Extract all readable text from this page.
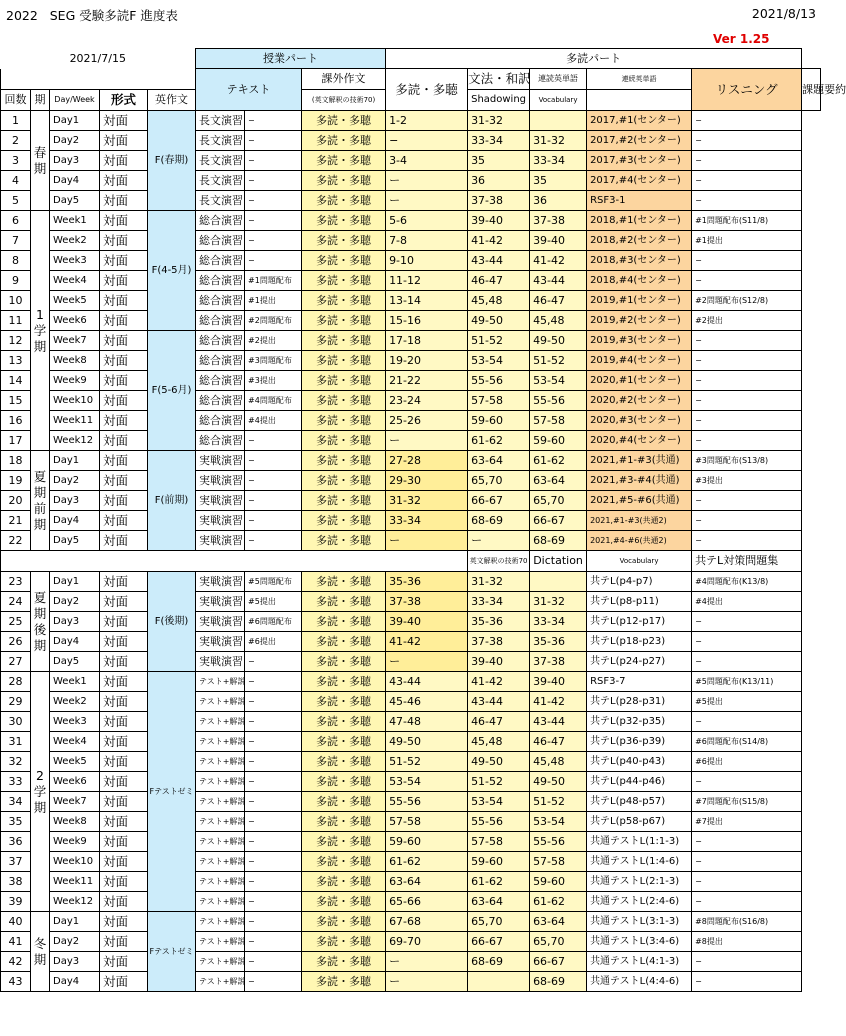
2022 SEG 受験多読F 進度表	2021/8/13
Ver 1.25
2021/7/15					授業パート			多読パート					
					テキスト		課外作文	多読・多聴	文法・和訳	連読英単語	連続英単語	リスニング	課題要約
回数	期	Day/Week	形式	英作文			(英文解釈の技術70)		Shadowing	Vocabulary			
1	春期	Day1	対面	F(春期)	長文演習	−	多読・多聴	1-2	31-32		2017,#1(センター)	−	
2		Day2	対面		長文演習	−	多読・多聴	−	33-34	31-32	2017,#2(センター)	−	
3		Day3	対面		長文演習	−	多読・多聴	3-4	35	33-34	2017,#3(センター)	−	
4		Day4	対面		長文演習	−	多読・多聴	ー	36	35	2017,#4(センター)	−	
5		Day5	対面		長文演習	−	多読・多聴	ー	37-38	36	RSF3-1	−	
6	1学期	Week1	対面	F(4-5月)	総合演習	−	多読・多聴	5-6	39-40	37-38	2018,#1(センター)	#1問題配布(S11/8)	
7		Week2	対面		総合演習	−	多読・多聴	7-8	41-42	39-40	2018,#2(センター)	#1提出	
8		Week3	対面		総合演習	−	多読・多聴	9-10	43-44	41-42	2018,#3(センター)	−	
9		Week4	対面		総合演習	#1問題配布	多読・多聴	11-12	46-47	43-44	2018,#4(センター)	−	
10		Week5	対面		総合演習	#1提出	多読・多聴	13-14	45,48	46-47	2019,#1(センター)	#2問題配布(S12/8)	
11		Week6	対面		総合演習	#2問題配布	多読・多聴	15-16	49-50	45,48	2019,#2(センター)	#2提出	
12		Week7	対面	F(5-6月)	総合演習	#2提出	多読・多聴	17-18	51-52	49-50	2019,#3(センター)	−	
13		Week8	対面		総合演習	#3問題配布	多読・多聴	19-20	53-54	51-52	2019,#4(センター)	−	
14		Week9	対面		総合演習	#3提出	多読・多聴	21-22	55-56	53-54	2020,#1(センター)	−	
15		Week10	対面		総合演習	#4問題配布	多読・多聴	23-24	57-58	55-56	2020,#2(センター)	−	
16		Week11	対面		総合演習	#4提出	多読・多聴	25-26	59-60	57-58	2020,#3(センター)	−	
17		Week12	対面		総合演習	−	多読・多聴	ー	61-62	59-60	2020,#4(センター)	−	
18	夏期前期	Day1	対面	F(前期)	実戦演習	−	多読・多聴	27-28	63-64	61-62	2021,#1-#3(共通)	#3問題配布(S13/8)	
19		Day2	対面		実戦演習	−	多読・多聴	29-30	65,70	63-64	2021,#3-#4(共通)	#3提出	
20		Day3	対面		実戦演習	−	多読・多聴	31-32	66-67	65,70	2021,#5-#6(共通)	−	
21		Day4	対面		実戦演習	−	多読・多聴	33-34	68-69	66-67	2021,#1-#3(共通2)	−	
22		Day5	対面		実戦演習	−	多読・多聴	ー	ー	68-69	2021,#4-#6(共通2)	−	
									英文解釈の技術70	Dictation	Vocabulary	共テL対策問題集	
23	夏期後期	Day1	対面	F(後期)	実戦演習	#5問題配布	多読・多聴	35-36	31-32		共テL(p4-p7)	#4問題配布(K13/8)	
24		Day2	対面		実戦演習	#5提出	多読・多聴	37-38	33-34	31-32	共テL(p8-p11)	#4提出	
25		Day3	対面		実戦演習	#6問題配布	多読・多聴	39-40	35-36	33-34	共テL(p12-p17)	−	
26		Day4	対面		実戦演習	#6提出	多読・多聴	41-42	37-38	35-36	共テL(p18-p23)	−	
27		Day5	対面		実戦演習	−	多読・多聴	ー	39-40	37-38	共テL(p24-p27)	−	
28	2学期	Week1	対面	Fテストゼミ	テスト+解説	−	多読・多聴	43-44	41-42	39-40	RSF3-7	#5問題配布(K13/11)	
29		Week2	対面		テスト+解説	−	多読・多聴	45-46	43-44	41-42	共テL(p28-p31)	#5提出	
30		Week3	対面		テスト+解説	−	多読・多聴	47-48	46-47	43-44	共テL(p32-p35)	−	
31		Week4	対面		テスト+解説	−	多読・多聴	49-50	45,48	46-47	共テL(p36-p39)	#6問題配布(S14/8)	
32		Week5	対面		テスト+解説	−	多読・多聴	51-52	49-50	45,48	共テL(p40-p43)	#6提出	
33		Week6	対面		テスト+解説	−	多読・多聴	53-54	51-52	49-50	共テL(p44-p46)	−	
34		Week7	対面		テスト+解説	−	多読・多聴	55-56	53-54	51-52	共テL(p48-p57)	#7問題配布(S15/8)	
35		Week8	対面		テスト+解説	−	多読・多聴	57-58	55-56	53-54	共テL(p58-p67)	#7提出	
36		Week9	対面		テスト+解説	−	多読・多聴	59-60	57-58	55-56	共通テストL(1:1-3)	−	
37		Week10	対面		テスト+解説	−	多読・多聴	61-62	59-60	57-58	共通テストL(1:4-6)	−	
38		Week11	対面		テスト+解説	−	多読・多聴	63-64	61-62	59-60	共通テストL(2:1-3)	−	
39		Week12	対面		テスト+解説	−	多読・多聴	65-66	63-64	61-62	共通テストL(2:4-6)	−	
40	冬期	Day1	対面	Fテストゼミ	テスト+解説	−	多読・多聴	67-68	65,70	63-64	共通テストL(3:1-3)	#8問題配布(S16/8)	
41		Day2	対面		テスト+解説	−	多読・多聴	69-70	66-67	65,70	共通テストL(3:4-6)	#8提出	
42		Day3	対面		テスト+解説	−	多読・多聴	ー	68-69	66-67	共通テストL(4:1-3)	−	
43		Day4	対面		テスト+解説	−	多読・多聴	ー		68-69	共通テストL(4:4-6)	−	
